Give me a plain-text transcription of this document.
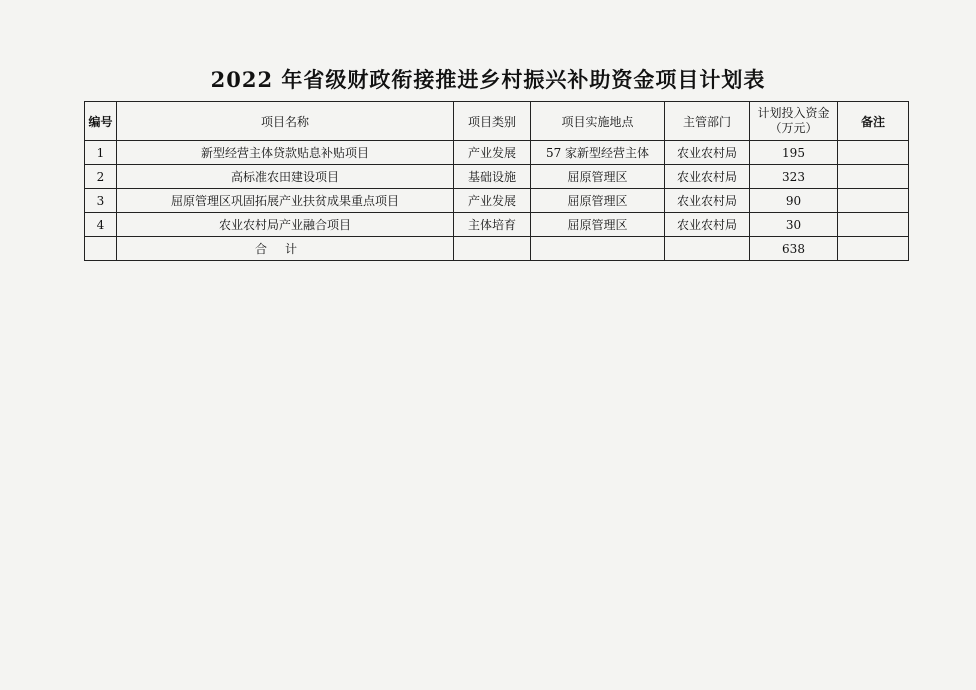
2022 年省级财政衔接推进乡村振兴补助资金项目计划表
编号	项目名称	项目类别	项目实施地点	主管部门	计划投入资金
（万元）	备注
1	新型经营主体贷款贴息补贴项目	产业发展	57 家新型经营主体	农业农村局	195	
2	高标准农田建设项目	基础设施	屈原管理区	农业农村局	323	
3	屈原管理区巩固拓展产业扶贫成果重点项目	产业发展	屈原管理区	农业农村局	90	
4	农业农村局产业融合项目	主体培育	屈原管理区	农业农村局	30	
	合计				638	
